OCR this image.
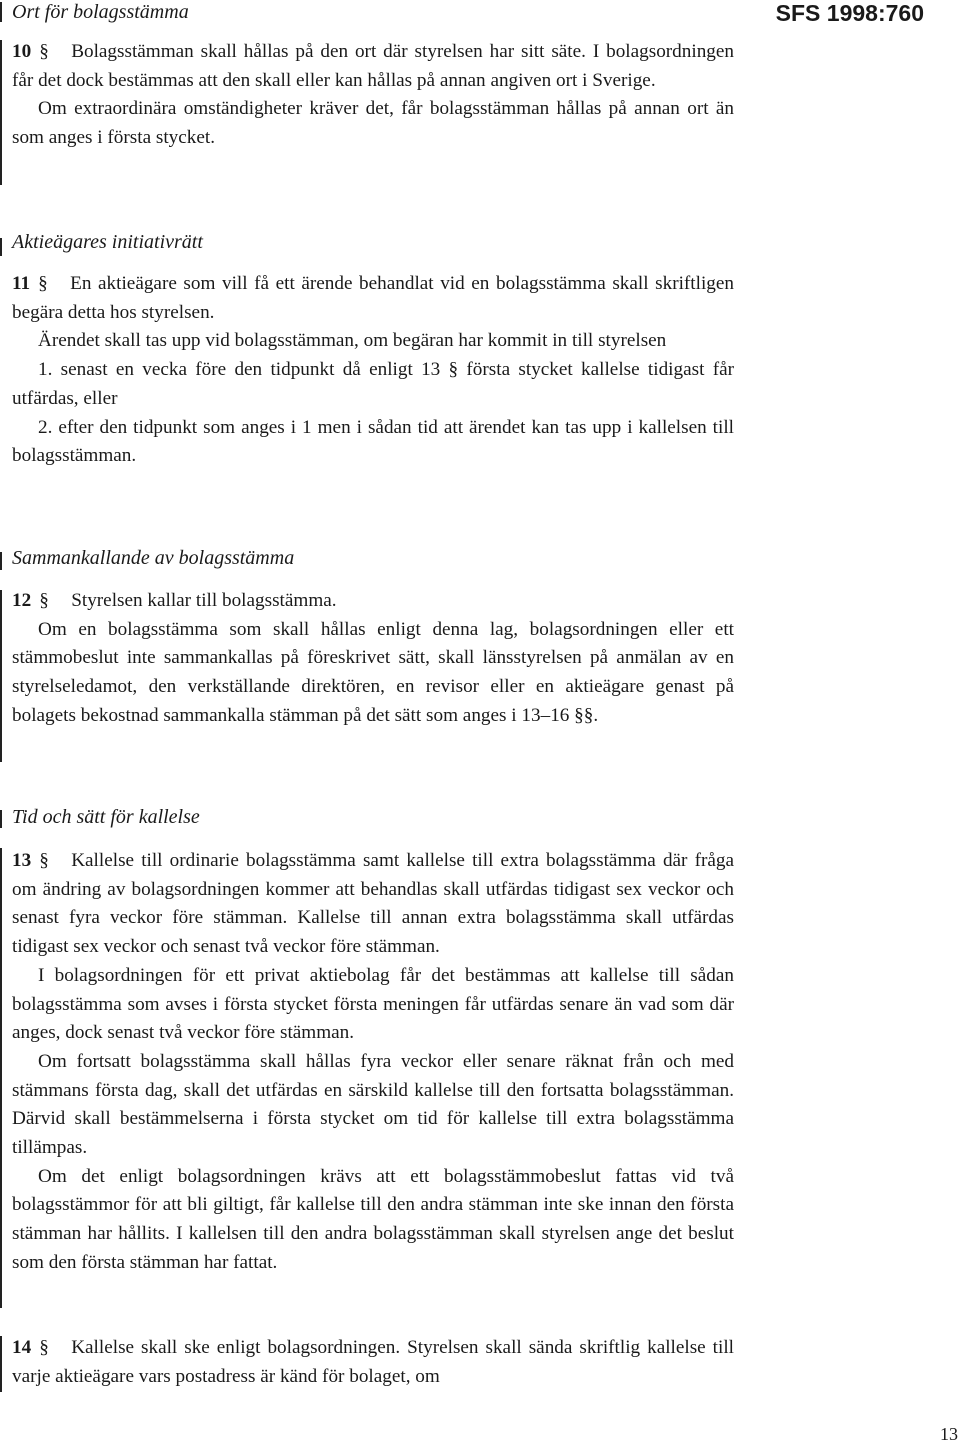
Ort för bolagsstämma	SFS 1998:760

10 § Bolagsstämman skall hållas på den ort där styrelsen har sitt säte. I bolagsordningen får det dock bestämmas att den skall eller kan hållas på annan angiven ort i Sverige.

Om extraordinära omständigheter kräver det, får bolagsstämman hållas på annan ort än som anges i första stycket.

Aktieägares initiativrätt

11 § En aktieägare som vill få ett ärende behandlat vid en bolagsstämma skall skriftligen begära detta hos styrelsen.

Ärendet skall tas upp vid bolagsstämman, om begäran har kommit in till styrelsen

1. senast en vecka före den tidpunkt då enligt 13 § första stycket kallelse tidigast får utfärdas, eller

2. efter den tidpunkt som anges i 1 men i sådan tid att ärendet kan tas upp i kallelsen till bolagsstämman.

Sammankallande av bolagsstämma

12 § Styrelsen kallar till bolagsstämma.

Om en bolagsstämma som skall hållas enligt denna lag, bolagsordningen eller ett stämmobeslut inte sammankallas på föreskrivet sätt, skall länsstyrelsen på anmälan av en styrelseledamot, den verkställande direktören, en revisor eller en aktieägare genast på bolagets bekostnad sammankalla stämman på det sätt som anges i 13–16 §§.

Tid och sätt för kallelse

13 § Kallelse till ordinarie bolagsstämma samt kallelse till extra bolagsstämma där fråga om ändring av bolagsordningen kommer att behandlas skall utfärdas tidigast sex veckor och senast fyra veckor före stämman. Kallelse till annan extra bolagsstämma skall utfärdas tidigast sex veckor och senast två veckor före stämman.

I bolagsordningen för ett privat aktiebolag får det bestämmas att kallelse till sådan bolagsstämma som avses i första stycket första meningen får utfärdas senare än vad som där anges, dock senast två veckor före stämman.

Om fortsatt bolagsstämma skall hållas fyra veckor eller senare räknat från och med stämmans första dag, skall det utfärdas en särskild kallelse till den fortsatta bolagsstämman. Därvid skall bestämmelserna i första stycket om tid för kallelse till extra bolagsstämma tillämpas.

Om det enligt bolagsordningen krävs att ett bolagsstämmobeslut fattas vid två bolagsstämmor för att bli giltigt, får kallelse till den andra stämman inte ske innan den första stämman har hållits. I kallelsen till den andra bolagsstämman skall styrelsen ange det beslut som den första stämman har fattat.

14 § Kallelse skall ske enligt bolagsordningen. Styrelsen skall sända skriftlig kallelse till varje aktieägare vars postadress är känd för bolaget, om

13
